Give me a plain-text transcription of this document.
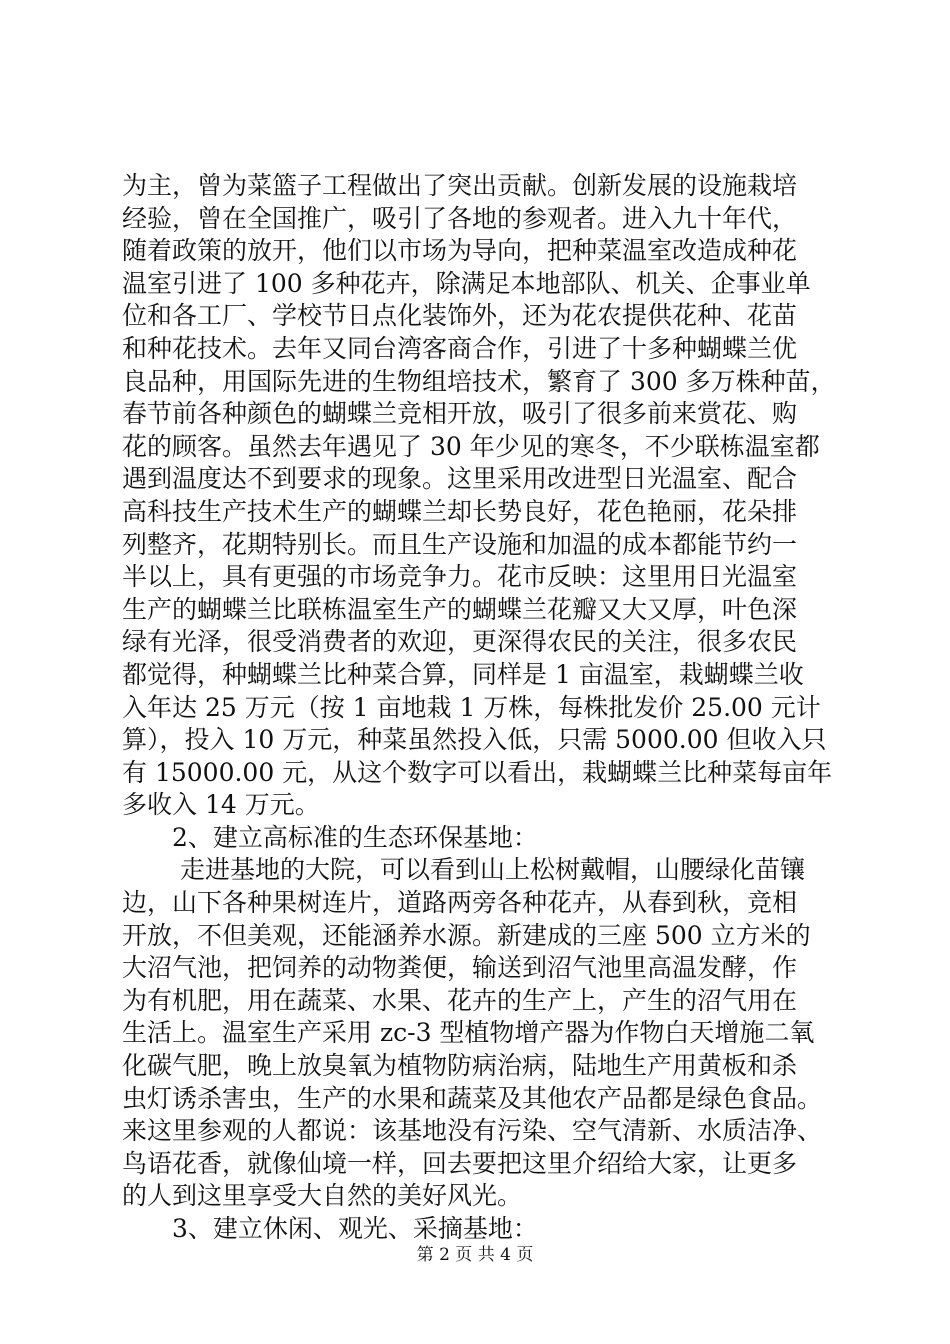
为主，曾为菜篮子工程做出了突出贡献。创新发展的设施栽培
经验，曾在全国推广，吸引了各地的参观者。进入九十年代，
随着政策的放开，他们以市场为导向，把种菜温室改造成种花
温室引进了 100 多种花卉，除满足本地部队、机关、企事业单
位和各工厂、学校节日点化装饰外，还为花农提供花种、花苗
和种花技术。去年又同台湾客商合作，引进了十多种蝴蝶兰优
良品种，用国际先进的生物组培技术，繁育了 300 多万株种苗，
春节前各种颜色的蝴蝶兰竞相开放，吸引了很多前来赏花、购
花的顾客。虽然去年遇见了 30 年少见的寒冬，不少联栋温室都
遇到温度达不到要求的现象。这里采用改进型日光温室、配合
高科技生产技术生产的蝴蝶兰却长势良好，花色艳丽，花朵排
列整齐，花期特别长。而且生产设施和加温的成本都能节约一
半以上，具有更强的市场竞争力。花市反映：这里用日光温室
生产的蝴蝶兰比联栋温室生产的蝴蝶兰花瓣又大又厚，叶色深
绿有光泽，很受消费者的欢迎，更深得农民的关注，很多农民
都觉得，种蝴蝶兰比种菜合算，同样是 1 亩温室，栽蝴蝶兰收
入年达 25 万元（按 1 亩地栽 1 万株，每株批发价 25.00 元计
算），投入 10 万元，种菜虽然投入低，只需 5000.00 但收入只
有 15000.00 元，从这个数字可以看出，栽蝴蝶兰比种菜每亩年
多收入 14 万元。
2、建立高标准的生态环保基地：
走进基地的大院，可以看到山上松树戴帽，山腰绿化苗镶
边，山下各种果树连片，道路两旁各种花卉，从春到秋，竞相
开放，不但美观，还能涵养水源。新建成的三座 500 立方米的
大沼气池，把饲养的动物粪便，输送到沼气池里高温发酵，作
为有机肥，用在蔬菜、水果、花卉的生产上，产生的沼气用在
生活上。温室生产采用 zc-3 型植物增产器为作物白天增施二氧
化碳气肥，晚上放臭氧为植物防病治病，陆地生产用黄板和杀
虫灯诱杀害虫，生产的水果和蔬菜及其他农产品都是绿色食品。
来这里参观的人都说：该基地没有污染、空气清新、水质洁净、
鸟语花香，就像仙境一样，回去要把这里介绍给大家，让更多
的人到这里享受大自然的美好风光。
3、建立休闲、观光、采摘基地：
第 2 页 共 4 页
